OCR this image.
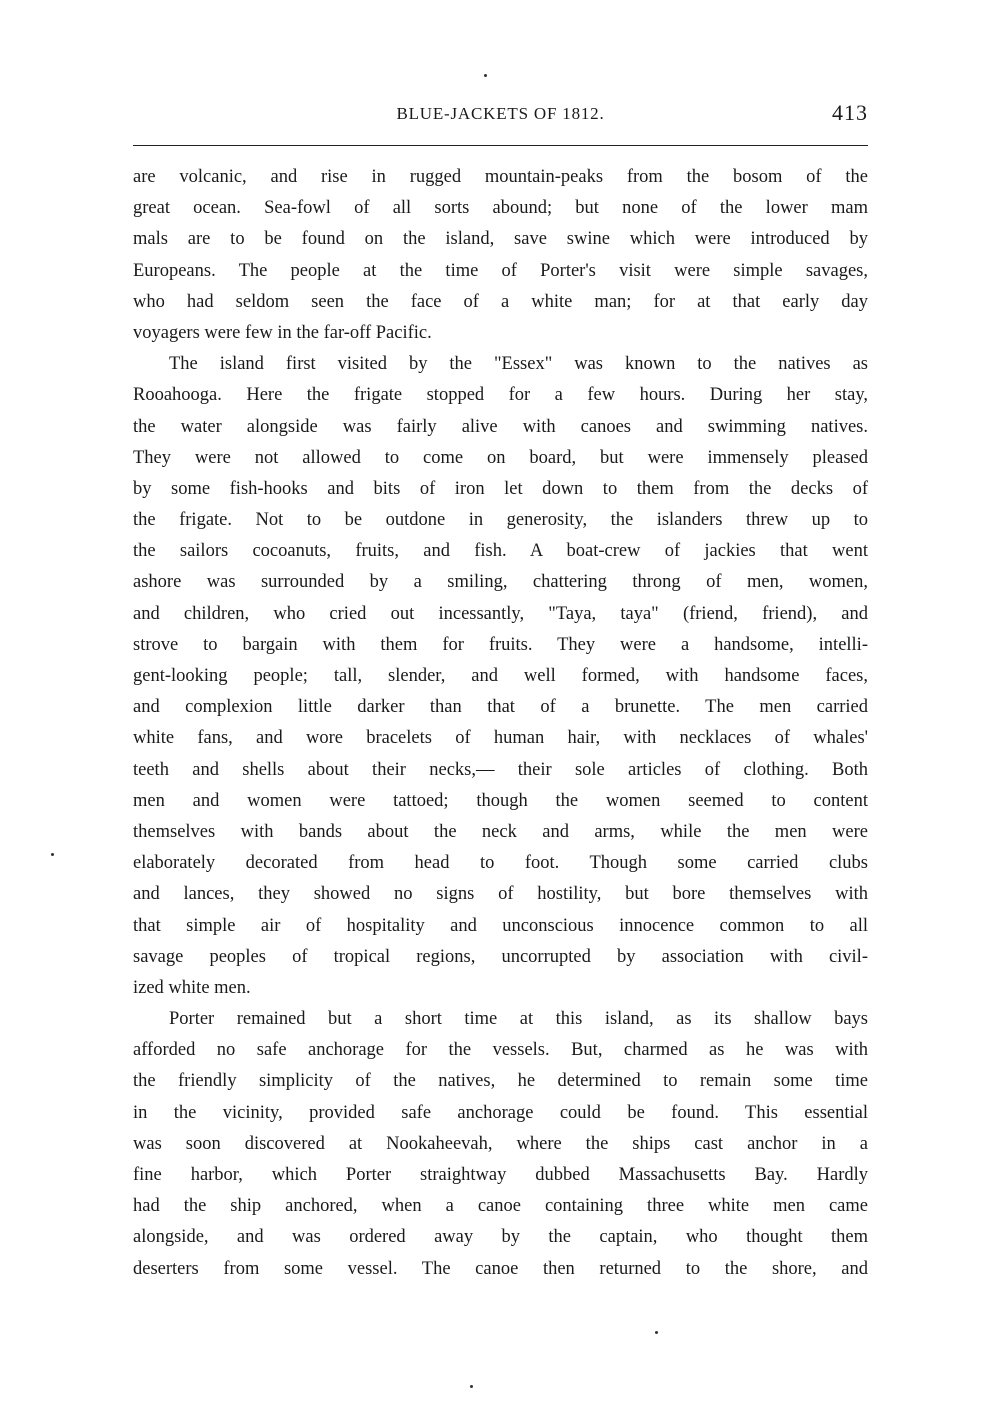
BLUE-JACKETS OF 1812.	413
are volcanic, and rise in rugged mountain-peaks from the bosom of the
great ocean. Sea-fowl of all sorts abound; but none of the lower mam
mals are to be found on the island, save swine which were introduced by
Europeans. The people at the time of Porter's visit were simple savages,
who had seldom seen the face of a white man; for at that early day
voyagers were few in the far-off Pacific.
The island first visited by the "Essex" was known to the natives as
Rooahooga. Here the frigate stopped for a few hours. During her stay,
the water alongside was fairly alive with canoes and swimming natives.
They were not allowed to come on board, but were immensely pleased
by some fish-hooks and bits of iron let down to them from the decks of
the frigate. Not to be outdone in generosity, the islanders threw up to
the sailors cocoanuts, fruits, and fish. A boat-crew of jackies that went
ashore was surrounded by a smiling, chattering throng of men, women,
and children, who cried out incessantly, "Taya, taya" (friend, friend), and
strove to bargain with them for fruits. They were a handsome, intelli-
gent-looking people; tall, slender, and well formed, with handsome faces,
and complexion little darker than that of a brunette. The men carried
white fans, and wore bracelets of human hair, with necklaces of whales'
teeth and shells about their necks,— their sole articles of clothing. Both
men and women were tattoed; though the women seemed to content
themselves with bands about the neck and arms, while the men were
elaborately decorated from head to foot. Though some carried clubs
and lances, they showed no signs of hostility, but bore themselves with
that simple air of hospitality and unconscious innocence common to all
savage peoples of tropical regions, uncorrupted by association with civil-
ized white men.
Porter remained but a short time at this island, as its shallow bays
afforded no safe anchorage for the vessels. But, charmed as he was with
the friendly simplicity of the natives, he determined to remain some time
in the vicinity, provided safe anchorage could be found. This essential
was soon discovered at Nookaheevah, where the ships cast anchor in a
fine harbor, which Porter straightway dubbed Massachusetts Bay. Hardly
had the ship anchored, when a canoe containing three white men came
alongside, and was ordered away by the captain, who thought them
deserters from some vessel. The canoe then returned to the shore, and
